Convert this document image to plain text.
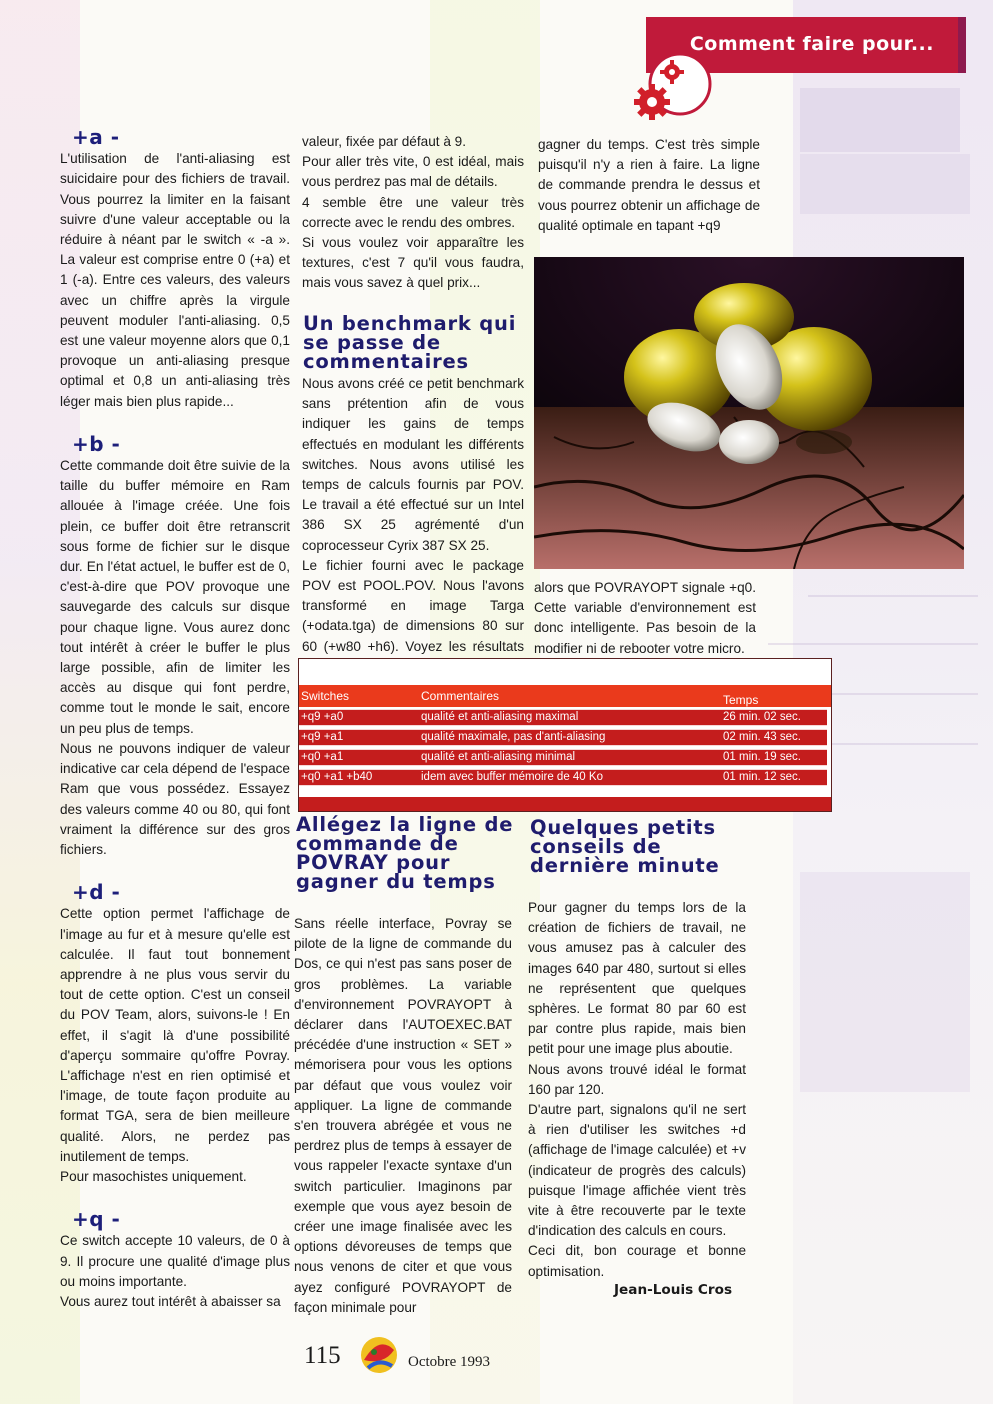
Comment faire pour...
+a -

L'utilisation de l'anti-aliasing est suicidaire pour des fichiers de travail. Vous pourrez la limiter en la faisant suivre d'une valeur acceptable ou la réduire à néant par le switch « -a ». La valeur est comprise entre 0 (+a) et 1 (-a). Entre ces valeurs, des valeurs avec un chiffre après la virgule peuvent moduler l'anti-aliasing. 0,5 est une valeur moyenne alors que 0,1 provoque un anti-aliasing presque optimal et 0,8 un anti-aliasing très léger mais bien plus rapide...

+b -

Cette commande doit être suivie de la taille du buffer mémoire en Ram allouée à l'image créée. Une fois plein, ce buffer doit être retranscrit sous forme de fichier sur le disque dur. En l'état actuel, le buffer est de 0, c'est-à-dire que POV provoque une sauvegarde des calculs sur disque pour chaque ligne. Vous aurez donc tout intérêt à créer le buffer le plus large possible, afin de limiter les accès au disque qui font perdre, comme tout le monde le sait, encore un peu plus de temps.

Nous ne pouvons indiquer de valeur indicative car cela dépend de l'espace Ram que vous possédez. Essayez des valeurs comme 40 ou 80, qui font vraiment la différence sur des gros fichiers.

+d -

Cette option permet l'affichage de l'image au fur et à mesure qu'elle est calculée. Il faut tout bonnement apprendre à ne plus vous servir du tout de cette option. C'est un conseil du POV Team, alors, suivons-le ! En effet, il s'agit là d'une possibilité d'aperçu sommaire qu'offre Povray. L'affichage n'est en rien optimisé et l'image, de toute façon produite au format TGA, sera de bien meilleure qualité. Alors, ne perdez pas inutilement de temps.

Pour masochistes uniquement.

+q -

Ce switch accepte 10 valeurs, de 0 à 9. Il procure une qualité d'image plus ou moins importante.

Vous aurez tout intérêt à abaisser sa

valeur, fixée par défaut à 9.

Pour aller très vite, 0 est idéal, mais vous perdrez pas mal de détails.

4 semble être une valeur très correcte avec le rendu des ombres.

Si vous voulez voir apparaître les textures, c'est 7 qu'il vous faudra, mais vous savez à quel prix...

Un benchmark qui se passe de commentaires

Nous avons créé ce petit benchmark sans prétention afin de vous indiquer les gains de temps effectués en modulant les différents switches. Nous avons utilisé les temps de calculs fournis par POV. Le travail a été effectué sur un Intel 386 SX 25 agrémenté d'un coprocesseur Cyrix 387 SX 25.

Le fichier fourni avec le package POV est POOL.POV. Nous l'avons transformé en image Targa (+odata.tga) de dimensions 80 sur 60 (+w80 +h6). Voyez les résultats

gagner du temps. C'est très simple puisqu'il n'y a rien à faire. La ligne de commande prendra le dessus et vous pourrez obtenir un affichage de qualité optimale en tapant +q9

alors que POVRAYOPT signale +q0. Cette variable d'environnement est donc intelligente. Pas besoin de la modifier ni de rebooter votre micro.

Switches	Commentaires	Temps
+q9 +a0	qualité et anti-aliasing maximal	26 min. 02 sec.
+q9 +a1	qualité maximale, pas d'anti-aliasing	02 min. 43 sec.
+q0 +a1	qualité et anti-aliasing minimal	01 min. 19 sec.
+q0 +a1 +b40	idem avec buffer mémoire de 40 Ko	01 min. 12 sec.
Allégez la ligne de commande de POVRAY pour gagner du temps

Sans réelle interface, Povray se pilote de la ligne de commande du Dos, ce qui n'est pas sans poser de gros problèmes. La variable d'environnement POVRAYOPT à déclarer dans l'AUTOEXEC.BAT précédée d'une instruction « SET » mémorisera pour vous les options par défaut que vous voulez voir appliquer. La ligne de commande s'en trouvera abrégée et vous ne perdrez plus de temps à essayer de vous rappeler l'exacte syntaxe d'un switch particulier. Imaginons par exemple que vous ayez besoin de créer une image finalisée avec les options dévoreuses de temps que nous venons de citer et que vous ayez configuré POVRAYOPT de façon minimale pour

Quelques petits conseils de dernière minute

Pour gagner du temps lors de la création de fichiers de travail, ne vous amusez pas à calculer des images 640 par 480, surtout si elles ne représentent que quelques sphères. Le format 80 par 60 est par contre plus rapide, mais bien petit pour une image plus aboutie.

Nous avons trouvé idéal le format 160 par 120.

D'autre part, signalons qu'il ne sert à rien d'utiliser les switches +d (affichage de l'image calculée) et +v (indicateur de progrès des calculs) puisque l'image affichée vient très vite à être recouverte par le texte d'indication des calculs en cours.

Ceci dit, bon courage et bonne optimisation.

Jean-Louis Cros
115	Octobre 1993
